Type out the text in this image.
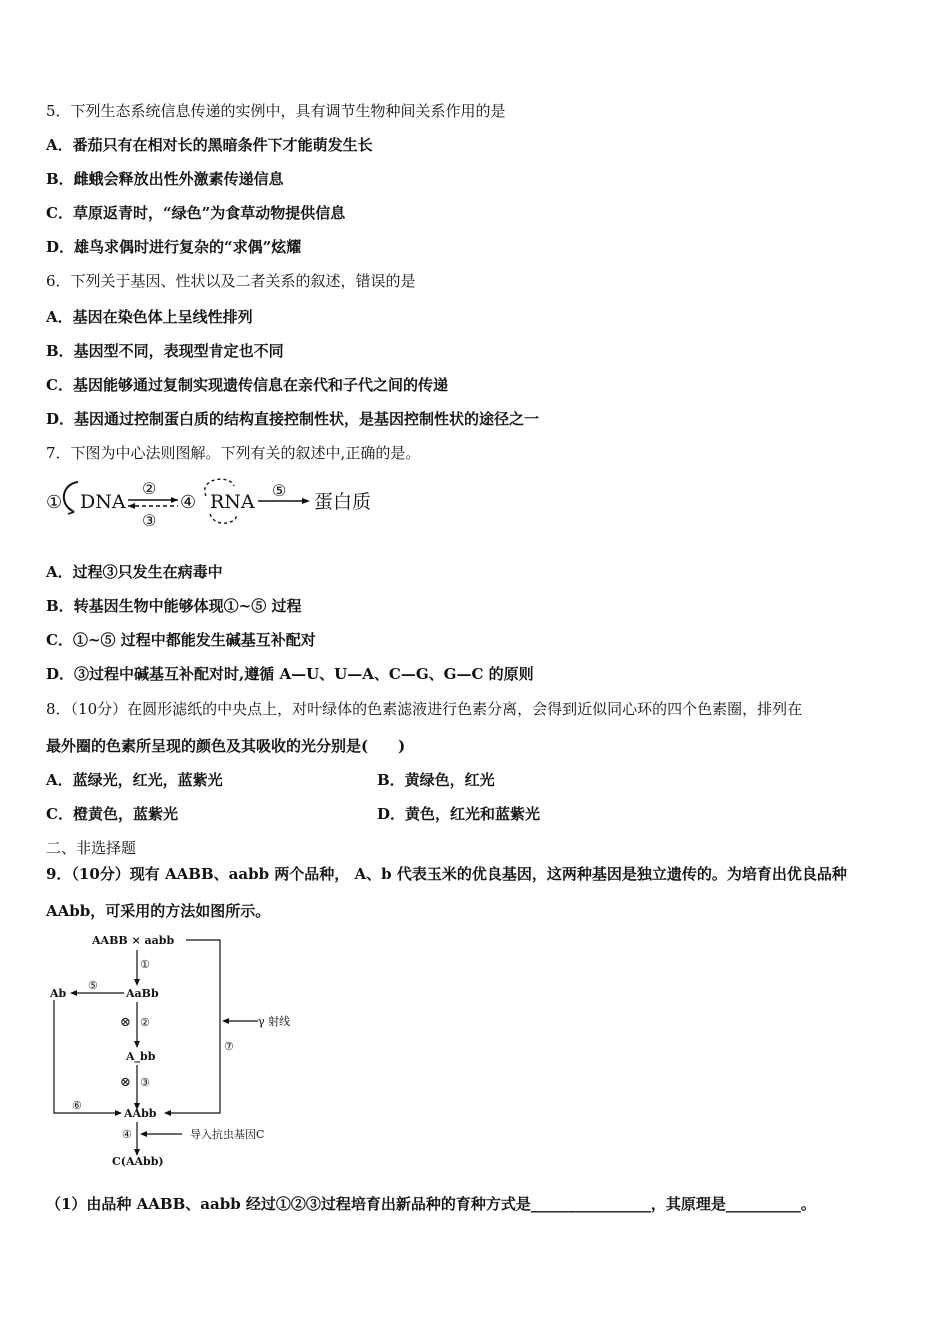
5．下列生态系统信息传递的实例中，具有调节生物种间关系作用的是
A．番茄只有在相对长的黑暗条件下才能萌发生长
B．雌蛾会释放出性外激素传递信息
C．草原返青时，“绿色”为食草动物提供信息
D．雄鸟求偶时进行复杂的“求偶”炫耀
6．下列关于基因、性状以及二者关系的叙述，错误的是
A．基因在染色体上呈线性排列
B．基因型不同，表现型肯定也不同
C．基因能够通过复制实现遗传信息在亲代和子代之间的传递
D．基因通过控制蛋白质的结构直接控制性状，是基因控制性状的途径之一
7．下图为中心法则图解。下列有关的叙述中,正确的是。
① DNA
②
③
④ RNA
⑤
蛋白质
A．过程③只发生在病毒中
B．转基因生物中能够体现①~⑤ 过程
C．①~⑤ 过程中都能发生碱基互补配对
D．③过程中碱基互补配对时,遵循 A—U、U—A、C—G、G—C 的原则
8．（10分）在圆形滤纸的中央点上，对叶绿体的色素滤液进行色素分离，会得到近似同心环的四个色素圈，排列在
最外圈的色素所呈现的颜色及其吸收的光分别是(　　)
A．蓝绿光，红光，蓝紫光	B．黄绿色，红光
C．橙黄色，蓝紫光	D．黄色，红光和蓝紫光
二、非选择题
9．（10分）现有 AABB、aabb 两个品种， A、b 代表玉米的优良基因，这两种基因是独立遗传的。为培育出优良品种
AAbb，可采用的方法如图所示。
AABB × aabb
①
AaBb
⑤
Ab
⊗ ②
A_bb
⊗ ③
AAbb
⑥
⑦
γ 射线
④	导入抗虫基因C
C(AAbb)
（1）由品种 AABB、aabb 经过①②③过程培育出新品种的育种方式是________________，其原理是__________。
